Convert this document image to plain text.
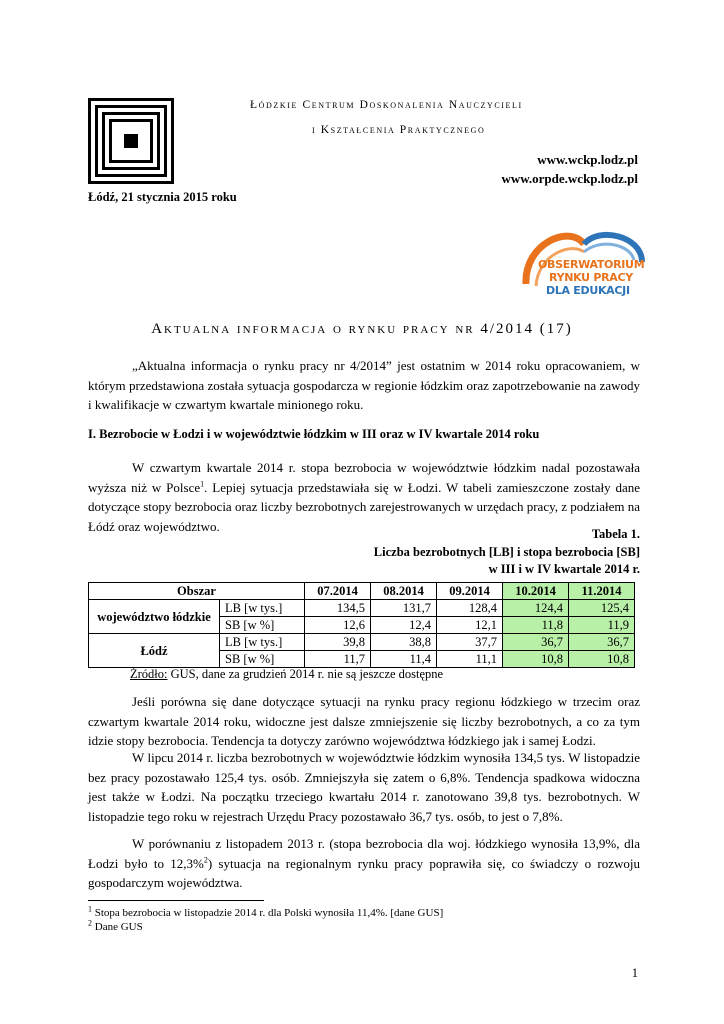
Łódzkie Centrum Doskonalenia Nauczycieli
i Kształcenia Praktycznego
www.wckp.lodz.pl
www.orpde.wckp.lodz.pl
Łódź, 21 stycznia 2015 roku
OBSERWATORIUM
RYNKU PRACY
DLA EDUKACJI
Aktualna informacja o rynku pracy nr 4/2014 (17)

„Aktualna informacja o rynku pracy nr 4/2014” jest ostatnim w 2014 roku opracowaniem, w którym przedstawiona została sytuacja gospodarcza w regionie łódzkim oraz zapotrzebowanie na zawody i kwalifikacje w czwartym kwartale minionego roku.

I. Bezrobocie w Łodzi i w województwie łódzkim w III oraz w IV kwartale 2014 roku

W czwartym kwartale 2014 r. stopa bezrobocia w województwie łódzkim nadal pozostawała wyższa niż w Polsce$^1$. Lepiej sytuacja przedstawiała się w Łodzi. W tabeli zamieszczone zostały dane dotyczące stopy bezrobocia oraz liczby bezrobotnych zarejestrowanych w urzędach pracy, z podziałem na Łódź oraz województwo.

Tabela 1.
Liczba bezrobotnych [LB] i stopa bezrobocia [SB]
w III i w IV kwartale 2014 r.
Obszar		07.2014	08.2014	09.2014	10.2014	11.2014
województwo łódzkie	LB [w tys.]	134,5	131,7	128,4	124,4	125,4
	SB [w %]	12,6	12,4	12,1	11,8	11,9
Łódź	LB [w tys.]	39,8	38,8	37,7	36,7	36,7
	SB [w %]	11,7	11,4	11,1	10,8	10,8
Źródło: GUS, dane za grudzień 2014 r. nie są jeszcze dostępne

Jeśli porówna się dane dotyczące sytuacji na rynku pracy regionu łódzkiego w trzecim oraz czwartym kwartale 2014 roku, widoczne jest dalsze zmniejszenie się liczby bezrobotnych, a co za tym idzie stopy bezrobocia. Tendencja ta dotyczy zarówno województwa łódzkiego jak i samej Łodzi.

W lipcu 2014 r. liczba bezrobotnych w województwie łódzkim wynosiła 134,5 tys. W listopadzie bez pracy pozostawało 125,4 tys. osób. Zmniejszyła się zatem o 6,8%. Tendencja spadkowa widoczna jest także w Łodzi. Na początku trzeciego kwartału 2014 r. zanotowano 39,8 tys. bezrobotnych. W listopadzie tego roku w rejestrach Urzędu Pracy pozostawało 36,7 tys. osób, to jest o 7,8%.

W porównaniu z listopadem 2013 r. (stopa bezrobocia dla woj. łódzkiego wynosiła 13,9%, dla Łodzi było to 12,3%$^2$) sytuacja na regionalnym rynku pracy poprawiła się, co świadczy o rozwoju gospodarczym województwa.

$^1$ Stopa bezrobocia w listopadzie 2014 r. dla Polski wynosiła 11,4%. [dane GUS]
$^2$ Dane GUS
1
